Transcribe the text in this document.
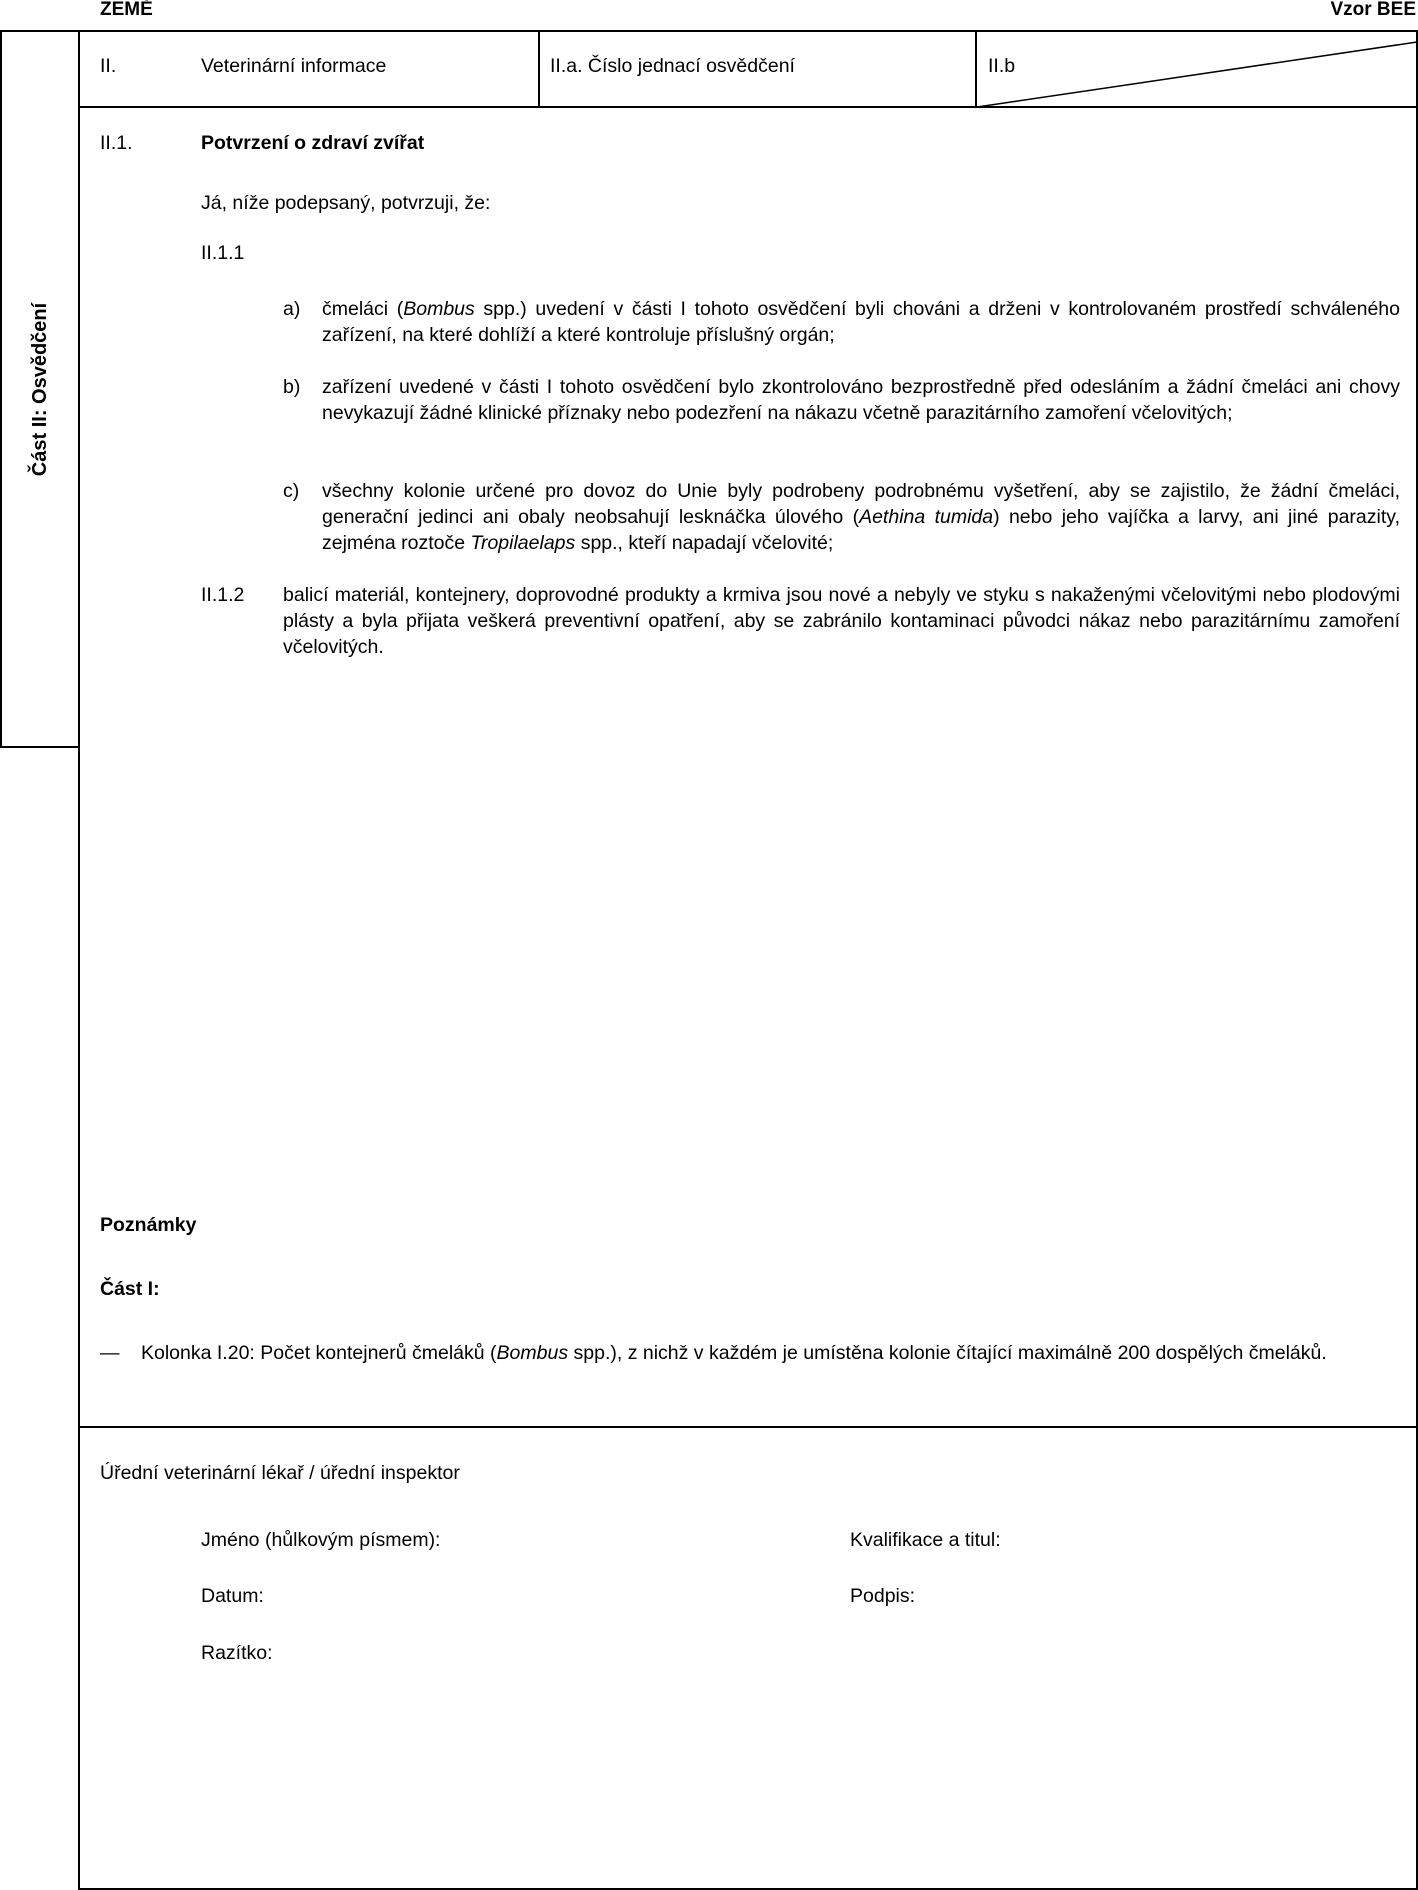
ZEMĚ	Vzor BEE
Část II: Osvědčení
II.	Veterinární informace	II.a. Číslo jednací osvědčení	II.b
II.1.	Potvrzení o zdraví zvířat
Já, níže podepsaný, potvrzuji, že:
II.1.1
a) čmeláci (Bombus spp.) uvedení v části I tohoto osvědčení byli chováni a drženi v kontrolovaném prostředí schváleného zařízení, na které dohlíží a které kontroluje příslušný orgán;
b) zařízení uvedené v části I tohoto osvědčení bylo zkontrolováno bezprostředně před odesláním a žádní čmeláci ani chovy nevykazují žádné klinické příznaky nebo podezření na nákazu včetně parazitárního zamoření včelovitých;
c) všechny kolonie určené pro dovoz do Unie byly podrobeny podrobnému vyšetření, aby se zajistilo, že žádní čmeláci, generační jedinci ani obaly neobsahují lesknáčka úlového (Aethina tumida) nebo jeho vajíčka a larvy, ani jiné parazity, zejména roztoče Tropilaelaps spp., kteří napadají včelovité;
II.1.2 balicí materiál, kontejnery, doprovodné produkty a krmiva jsou nové a nebyly ve styku s nakaženými včelovitými nebo plodovými plásty a byla přijata veškerá preventivní opatření, aby se zabránilo kontaminaci původci nákaz nebo parazitárnímu zamoření včelovitých.
Poznámky
Část I:
— Kolonka I.20: Počet kontejnerů čmeláků (Bombus spp.), z nichž v každém je umístěna kolonie čítající maximálně 200 dospělých čmeláků.
Úřední veterinární lékař / úřední inspektor
Jméno (hůlkovým písmem):	Kvalifikace a titul:
Datum:	Podpis:
Razítko:
